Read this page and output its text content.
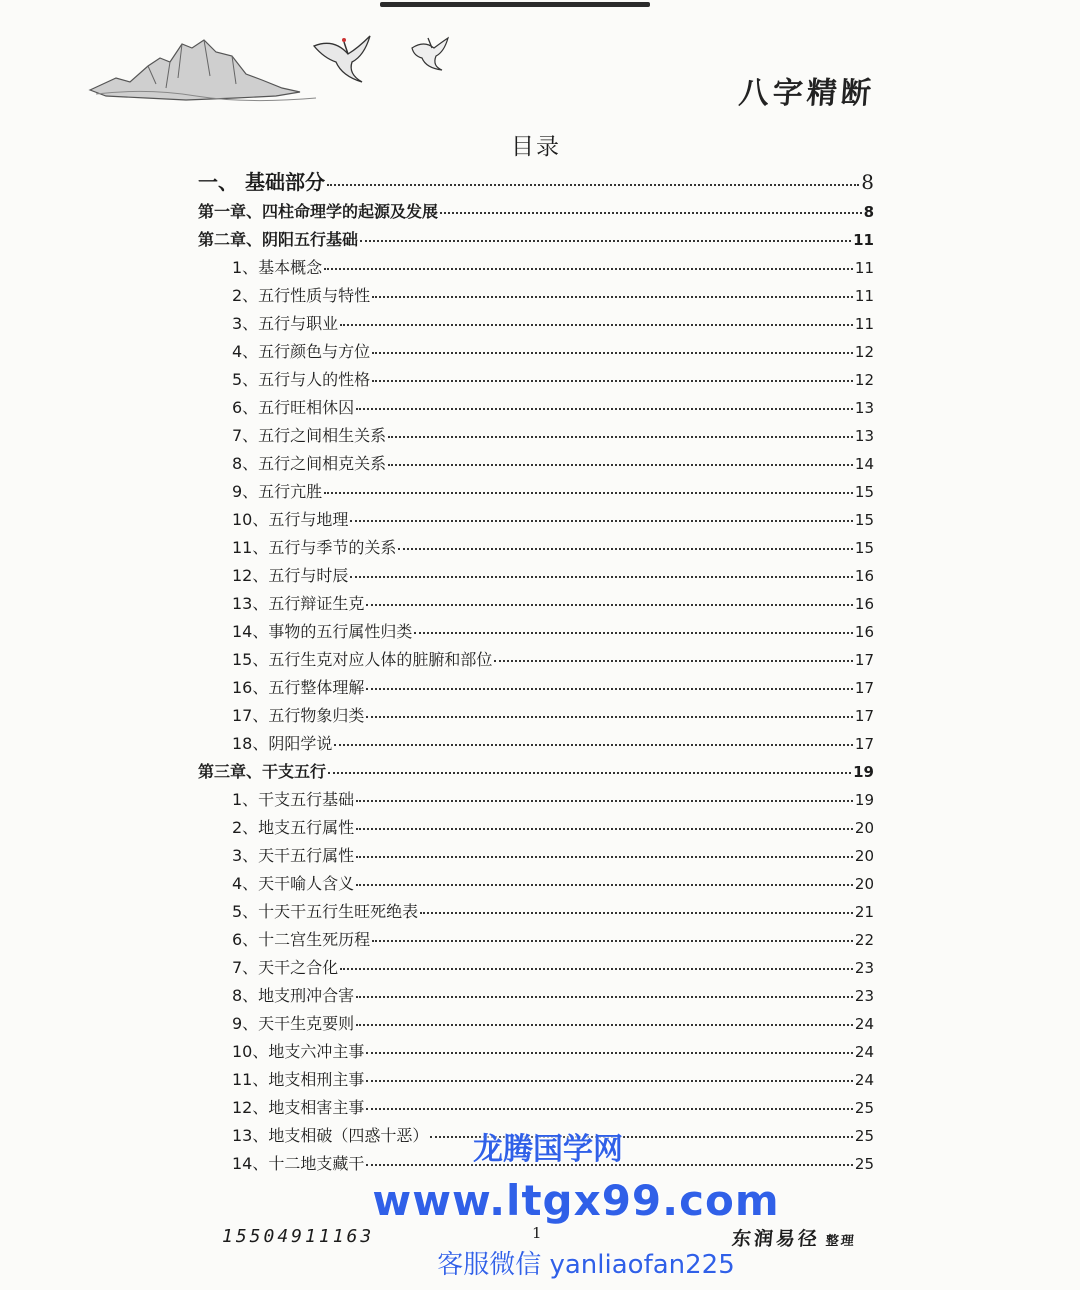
八字精断
目录
一、 基础部分	8
第一章、四柱命理学的起源及发展	8
第二章、阴阳五行基础	11
1、基本概念	11
2、五行性质与特性	11
3、五行与职业	11
4、五行颜色与方位	12
5、五行与人的性格	12
6、五行旺相休囚	13
7、五行之间相生关系	13
8、五行之间相克关系	14
9、五行亢胜	15
10、五行与地理	15
11、五行与季节的关系	15
12、五行与时辰	16
13、五行辩证生克	16
14、事物的五行属性归类	16
15、五行生克对应人体的脏腑和部位	17
16、五行整体理解	17
17、五行物象归类	17
18、阴阳学说	17
第三章、干支五行	19
1、干支五行基础	19
2、地支五行属性	20
3、天干五行属性	20
4、天干喻人含义	20
5、十天干五行生旺死绝表	21
6、十二宫生死历程	22
7、天干之合化	23
8、地支刑冲合害	23
9、天干生克要则	24
10、地支六冲主事	24
11、地支相刑主事	24
12、地支相害主事	25
13、地支相破（四惑十恶）	25
14、十二地支藏干	25
15504911163	1	东润易径 整理
龙腾国学网
www.ltgx99.com
客服微信 yanliaofan225
